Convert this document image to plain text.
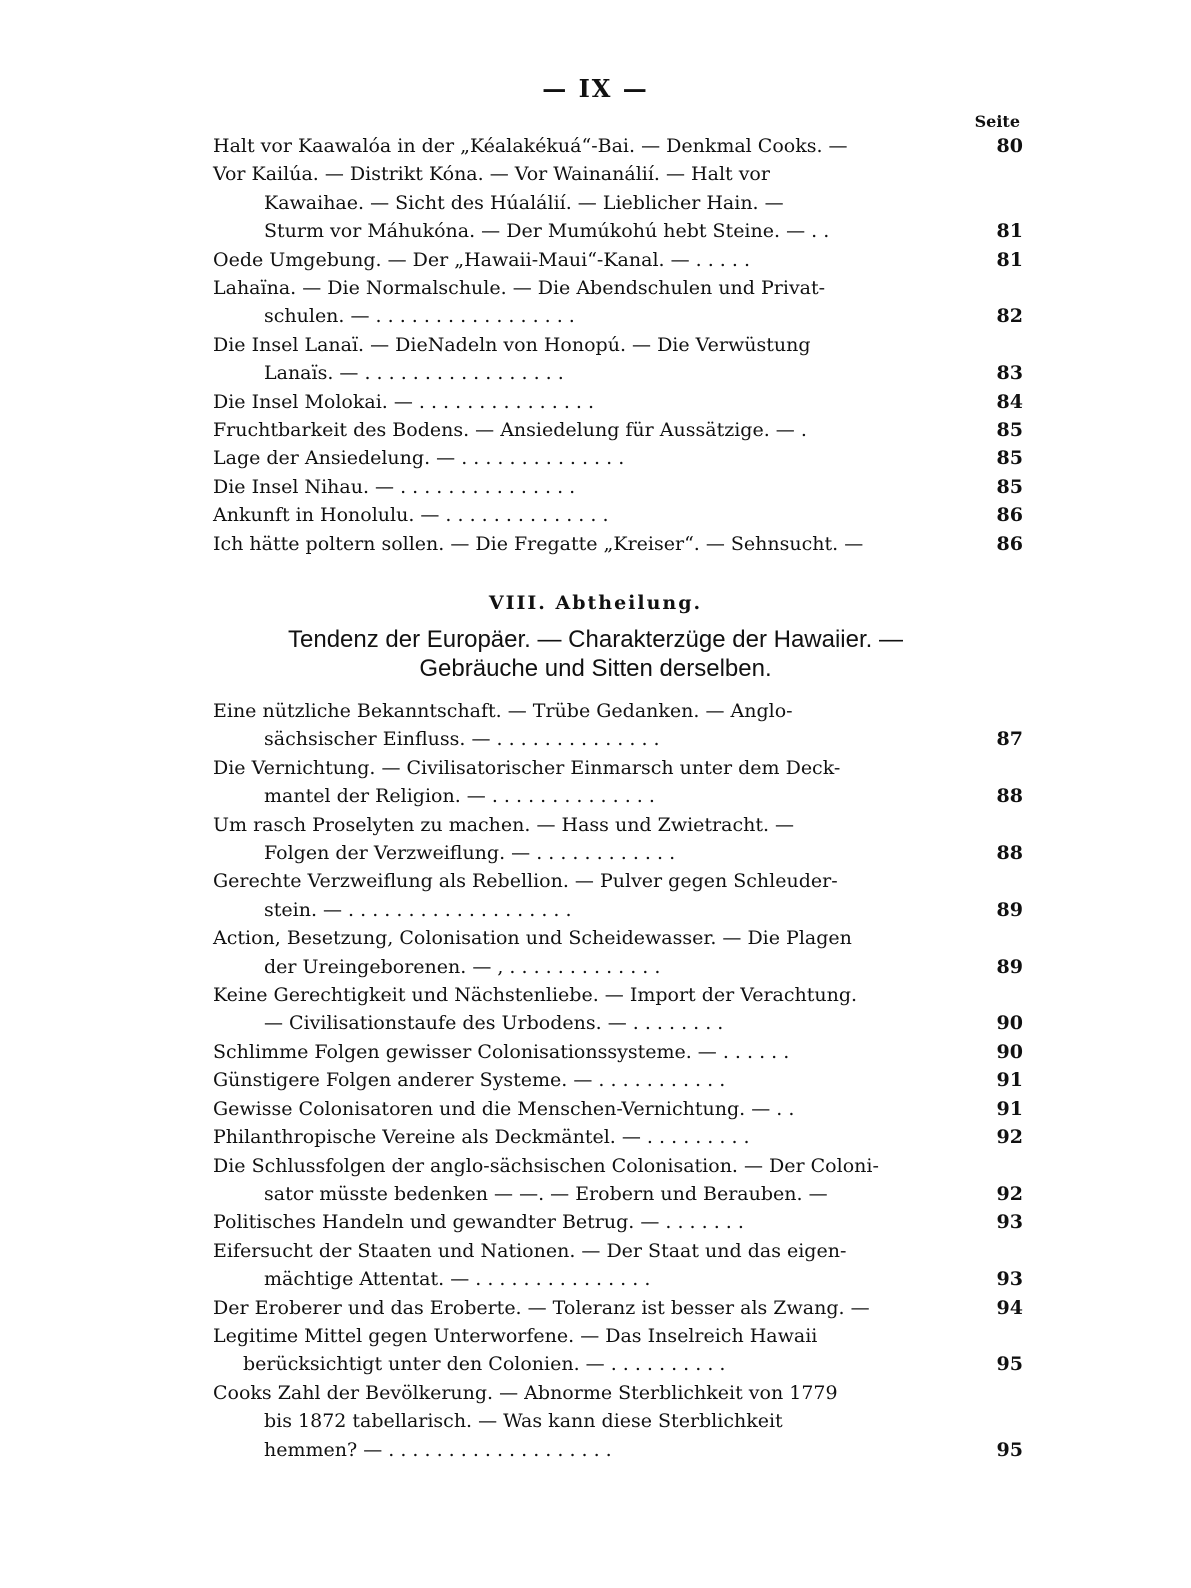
— IX —
Seite
Halt vor Kaawalóa in der „Kéalakékuá“-Bai. — Denkmal Cooks. —	80
Vor Kailúa. — Distrikt Kóna. — Vor Wainanálií. — Halt vor
Kawaihae. — Sicht des Húalálií. — Lieblicher Hain. —
Sturm vor Máhukóna. — Der Mumúkohú hebt Steine. — . .	81
Oede Umgebung. — Der „Hawaii-Maui“-Kanal. — . . . . .	81
Lahaïna. — Die Normalschule. — Die Abendschulen und Privat-
schulen. — . . . . . . . . . . . . . . . . .	82
Die Insel Lanaï. — DieNadeln von Honopú. — Die Verwüstung
Lanaïs. — . . . . . . . . . . . . . . . . .	83
Die Insel Molokai. — . . . . . . . . . . . . . . .	84
Fruchtbarkeit des Bodens. — Ansiedelung für Aussätzige. — .	85
Lage der Ansiedelung. — . . . . . . . . . . . . . .	85
Die Insel Nihau. — . . . . . . . . . . . . . . .	85
Ankunft in Honolulu. — . . . . . . . . . . . . . .	86
Ich hätte poltern sollen. — Die Fregatte „Kreiser“. — Sehnsucht. —	86
VIII. Abtheilung.
Tendenz der Europäer. — Charakterzüge der Hawaiier. —
Gebräuche und Sitten derselben.
Eine nützliche Bekanntschaft. — Trübe Gedanken. — Anglo-
sächsischer Einfluss. — . . . . . . . . . . . . . .	87
Die Vernichtung. — Civilisatorischer Einmarsch unter dem Deck-
mantel der Religion. — . . . . . . . . . . . . . .	88
Um rasch Proselyten zu machen. — Hass und Zwietracht. —
Folgen der Verzweiflung. — . . . . . . . . . . . .	88
Gerechte Verzweiflung als Rebellion. — Pulver gegen Schleuder-
stein. — . . . . . . . . . . . . . . . . . . .	89
Action, Besetzung, Colonisation und Scheidewasser. — Die Plagen
der Ureingeborenen. — , . . . . . . . . . . . . .	89
Keine Gerechtigkeit und Nächstenliebe. — Import der Verachtung.
— Civilisationstaufe des Urbodens. — . . . . . . . .	90
Schlimme Folgen gewisser Colonisationssysteme. — . . . . . .	90
Günstigere Folgen anderer Systeme. — . . . . . . . . . . .	91
Gewisse Colonisatoren und die Menschen-Vernichtung. — . .	91
Philanthropische Vereine als Deckmäntel. — . . . . . . . . .	92
Die Schlussfolgen der anglo-sächsischen Colonisation. — Der Coloni-
sator müsste bedenken — —. — Erobern und Berauben. —	92
Politisches Handeln und gewandter Betrug. — . . . . . . .	93
Eifersucht der Staaten und Nationen. — Der Staat und das eigen-
mächtige Attentat. — . . . . . . . . . . . . . . .	93
Der Eroberer und das Eroberte. — Toleranz ist besser als Zwang. —	94
Legitime Mittel gegen Unterworfene. — Das Inselreich Hawaii
berücksichtigt unter den Colonien. — . . . . . . . . . .	95
Cooks Zahl der Bevölkerung. — Abnorme Sterblichkeit von 1779
bis 1872 tabellarisch. — Was kann diese Sterblichkeit
hemmen? — . . . . . . . . . . . . . . . . . . .	95
